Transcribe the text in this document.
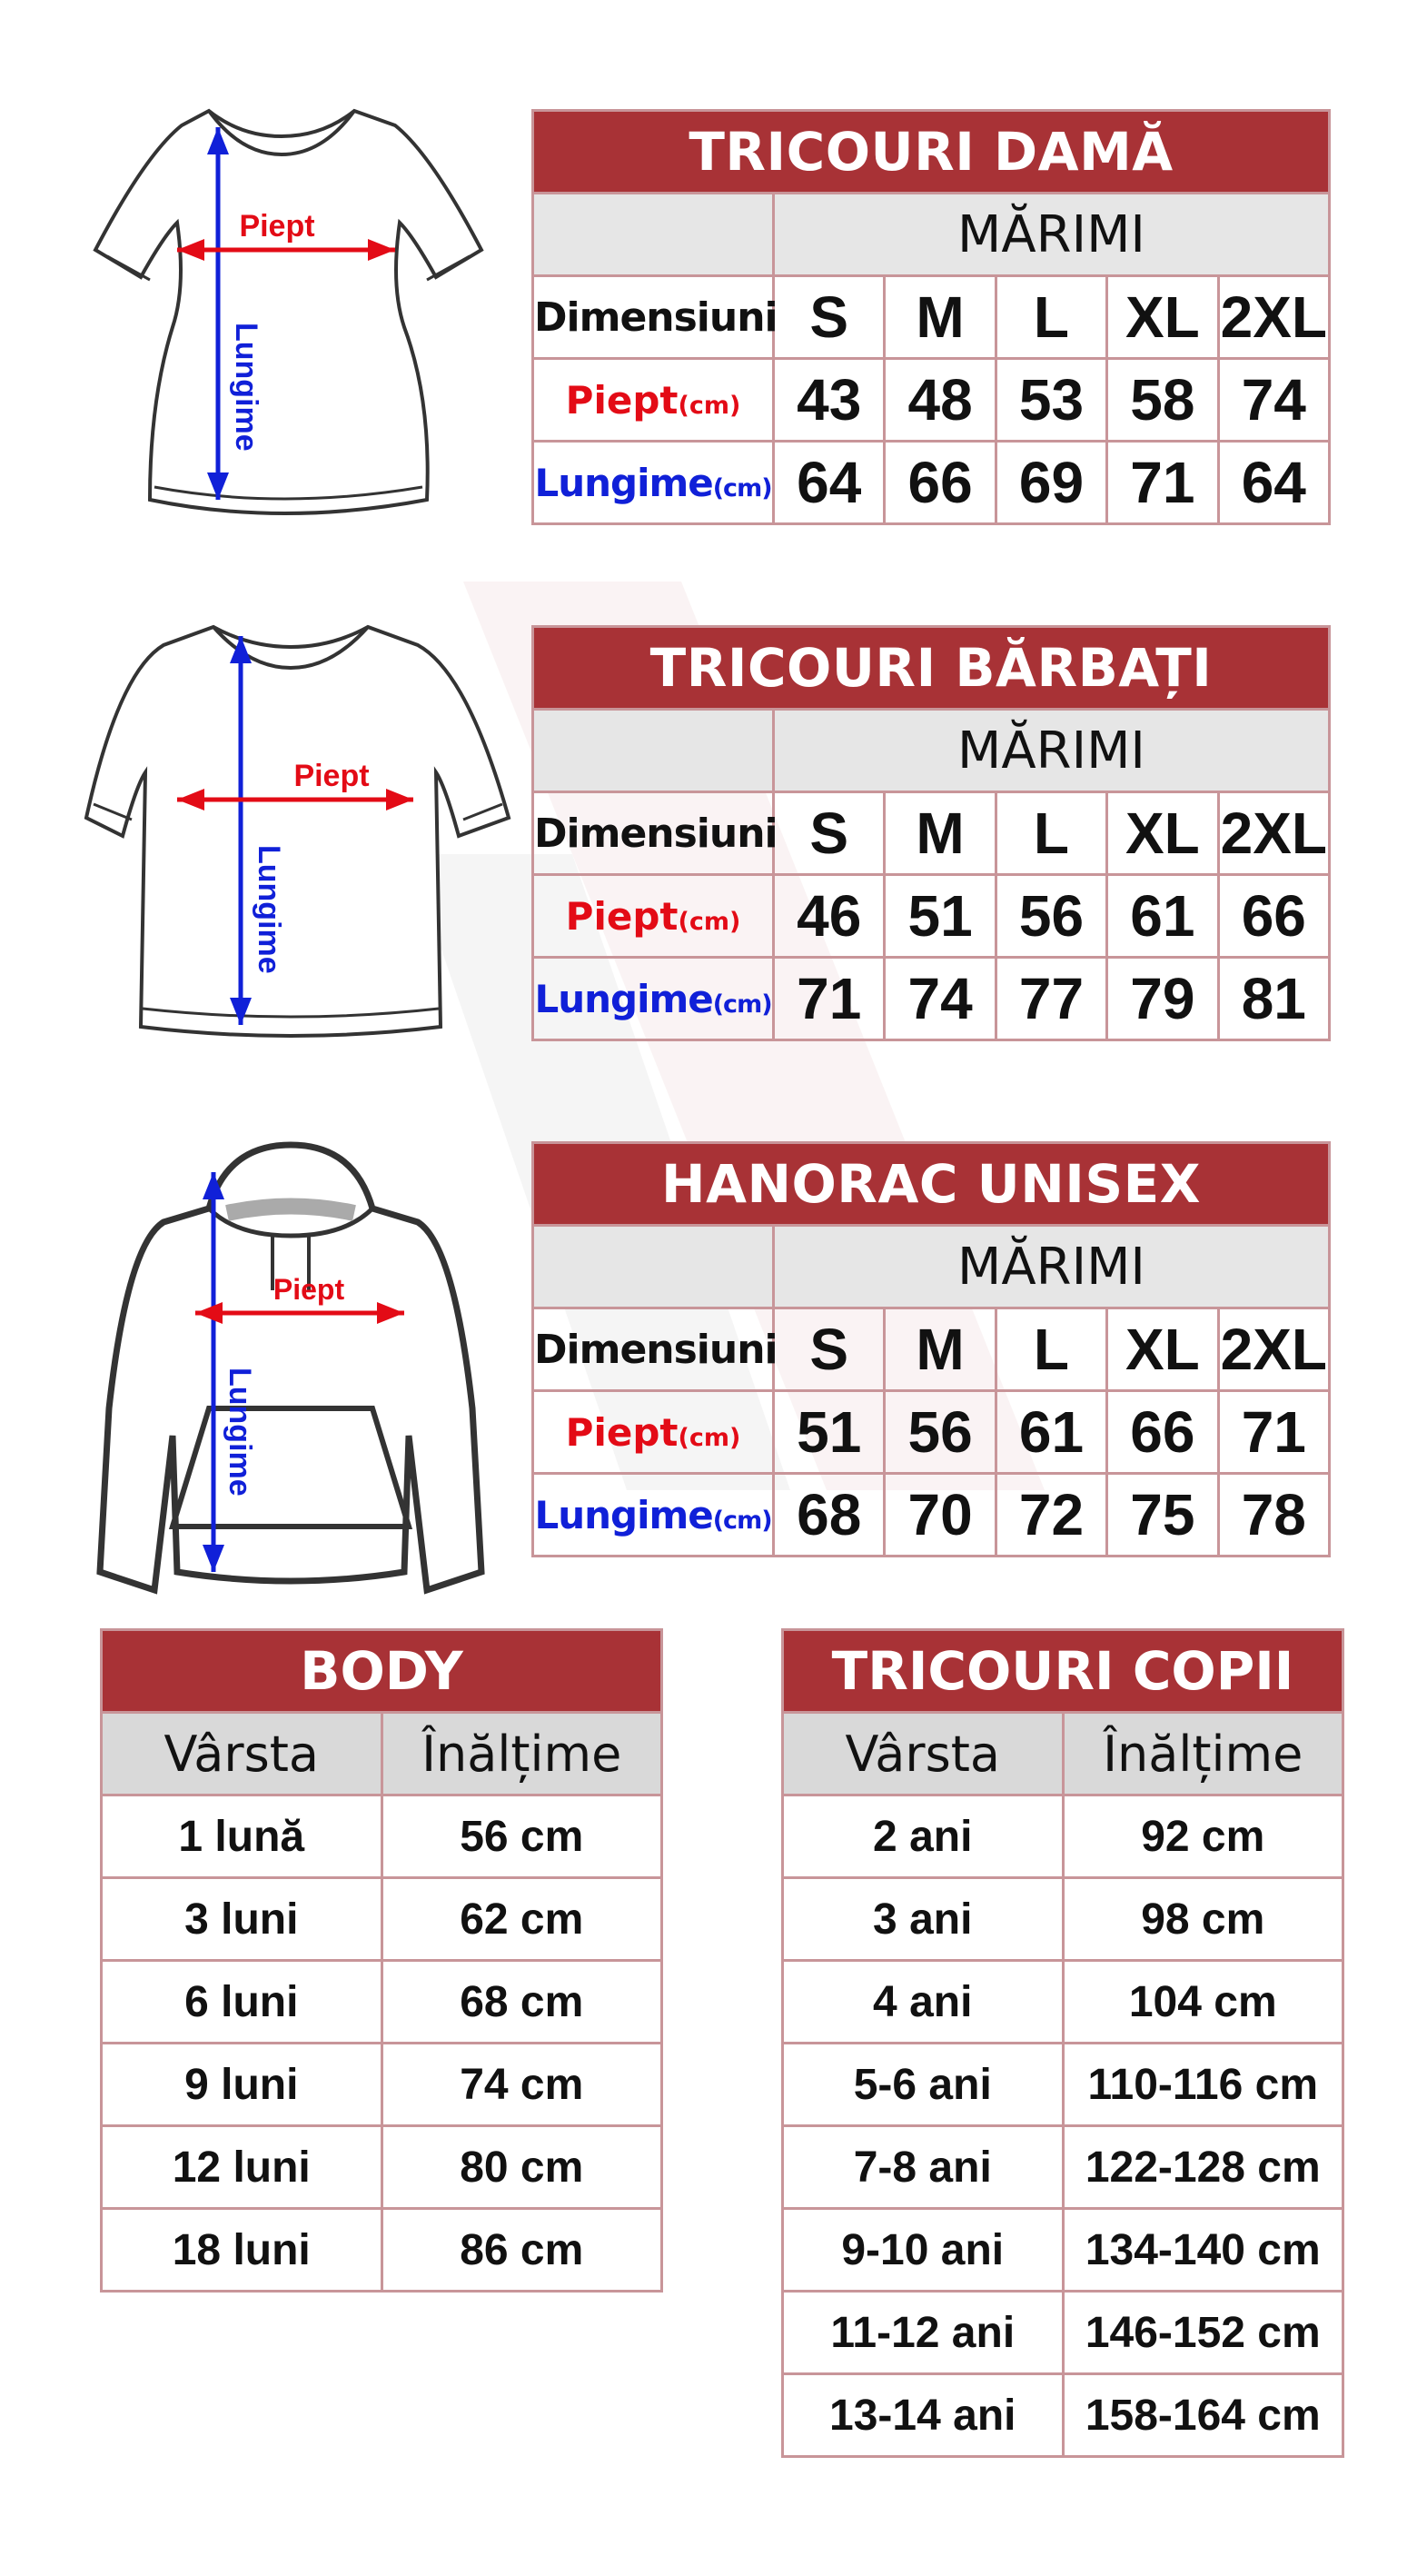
Piept
Lungime
Piept
Lungime
Piept
Lungime
TRICOURI DAMĂ					
	MĂRIMI				
Dimensiuni	S	M	L	XL	2XL
Piept(cm)	43	48	53	58	74
Lungime(cm)	64	66	69	71	64
TRICOURI BĂRBAȚI					
	MĂRIMI				
Dimensiuni	S	M	L	XL	2XL
Piept(cm)	46	51	56	61	66
Lungime(cm)	71	74	77	79	81
HANORAC UNISEX					
	MĂRIMI				
Dimensiuni	S	M	L	XL	2XL
Piept(cm)	51	56	61	66	71
Lungime(cm)	68	70	72	75	78
BODY	
Vârsta	Înălțime
1 lună	56 cm
3 luni	62 cm
6 luni	68 cm
9 luni	74 cm
12 luni	80 cm
18 luni	86 cm
TRICOURI COPII	
Vârsta	Înălțime
2 ani	92 cm
3 ani	98 cm
4 ani	104 cm
5-6 ani	110-116 cm
7-8 ani	122-128 cm
9-10 ani	134-140 cm
11-12 ani	146-152 cm
13-14 ani	158-164 cm
